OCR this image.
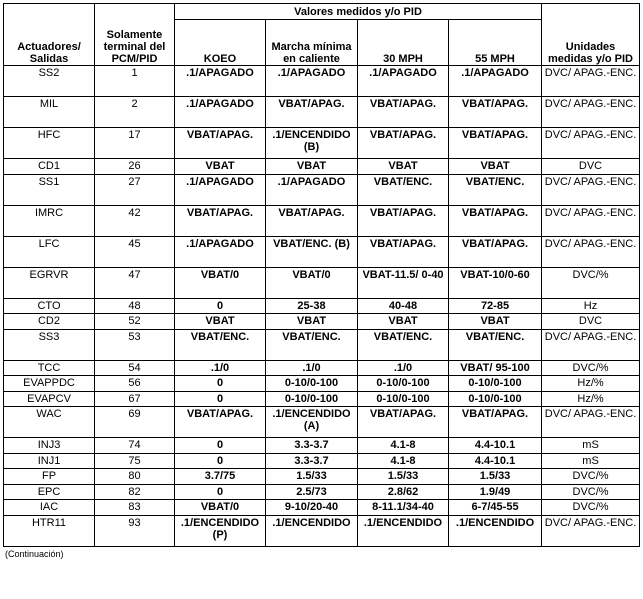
Actuadores/ Salidas	Solamente terminal del PCM/PID	Valores medidos y/o PID				Unidades medidas y/o PID
		KOEO	Marcha mínima en caliente	30 MPH	55 MPH	
SS2	1	.1/APAGADO	.1/APAGADO	.1/APAGADO	.1/APAGADO	DVC/ APAG.-ENC.
MIL	2	.1/APAGADO	VBAT/APAG.	VBAT/APAG.	VBAT/APAG.	DVC/ APAG.-ENC.
HFC	17	VBAT/APAG.	.1/ENCENDIDO (B)	VBAT/APAG.	VBAT/APAG.	DVC/ APAG.-ENC.
CD1	26	VBAT	VBAT	VBAT	VBAT	DVC
SS1	27	.1/APAGADO	.1/APAGADO	VBAT/ENC.	VBAT/ENC.	DVC/ APAG.-ENC.
IMRC	42	VBAT/APAG.	VBAT/APAG.	VBAT/APAG.	VBAT/APAG.	DVC/ APAG.-ENC.
LFC	45	.1/APAGADO	VBAT/ENC. (B)	VBAT/APAG.	VBAT/APAG.	DVC/ APAG.-ENC.
EGRVR	47	VBAT/0	VBAT/0	VBAT-11.5/ 0-40	VBAT-10/0-60	DVC/%
CTO	48	0	25-38	40-48	72-85	Hz
CD2	52	VBAT	VBAT	VBAT	VBAT	DVC
SS3	53	VBAT/ENC.	VBAT/ENC.	VBAT/ENC.	VBAT/ENC.	DVC/ APAG.-ENC.
TCC	54	.1/0	.1/0	.1/0	VBAT/ 95-100	DVC/%
EVAPPDC	56	0	0-10/0-100	0-10/0-100	0-10/0-100	Hz/%
EVAPCV	67	0	0-10/0-100	0-10/0-100	0-10/0-100	Hz/%
WAC	69	VBAT/APAG.	.1/ENCENDIDO (A)	VBAT/APAG.	VBAT/APAG.	DVC/ APAG.-ENC.
INJ3	74	0	3.3-3.7	4.1-8	4.4-10.1	mS
INJ1	75	0	3.3-3.7	4.1-8	4.4-10.1	mS
FP	80	3.7/75	1.5/33	1.5/33	1.5/33	DVC/%
EPC	82	0	2.5/73	2.8/62	1.9/49	DVC/%
IAC	83	VBAT/0	9-10/20-40	8-11.1/34-40	6-7/45-55	DVC/%
HTR11	93	.1/ENCENDIDO (P)	.1/ENCENDIDO	.1/ENCENDIDO	.1/ENCENDIDO	DVC/ APAG.-ENC.
(Continuación)
